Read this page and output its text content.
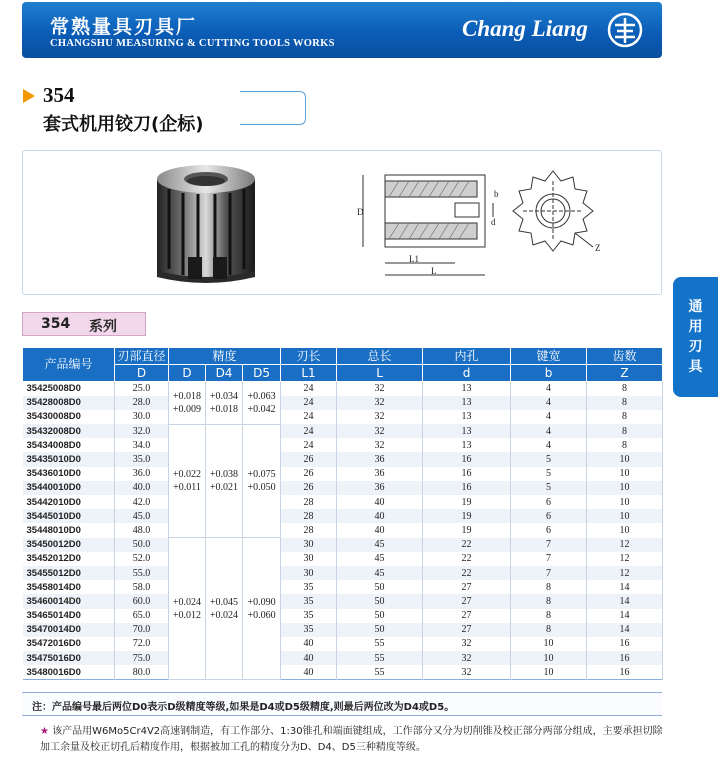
常熟量具刃具厂
CHANGSHU MEASURING & CUTTING TOOLS WORKS
Chang Liang
354
套式机用铰刀(企标)
D
L1
L
b
d
Z
354 系列
通
用
刃
具
产品编号	刃部直径	精度			刃长	总长	内孔	键宽	齿数
	D	D	D4	D5	L1	L	d	b	Z
35425008D0	25.0	+0.018
+0.009	+0.034
+0.018	+0.063
+0.042	24	32	13	4	8
35428008D0	28.0				24	32	13	4	8
35430008D0	30.0				24	32	13	4	8
35432008D0	32.0	+0.022
+0.011	+0.038
+0.021	+0.075
+0.050	24	32	13	4	8
35434008D0	34.0				24	32	13	4	8
35435010D0	35.0				26	36	16	5	10
35436010D0	36.0				26	36	16	5	10
35440010D0	40.0				26	36	16	5	10
35442010D0	42.0				28	40	19	6	10
35445010D0	45.0				28	40	19	6	10
35448010D0	48.0				28	40	19	6	10
35450012D0	50.0	+0.024
+0.012	+0.045
+0.024	+0.090
+0.060	30	45	22	7	12
35452012D0	52.0				30	45	22	7	12
35455012D0	55.0				30	45	22	7	12
35458014D0	58.0				35	50	27	8	14
35460014D0	60.0				35	50	27	8	14
35465014D0	65.0				35	50	27	8	14
35470014D0	70.0				35	50	27	8	14
35472016D0	72.0				40	55	32	10	16
35475016D0	75.0				40	55	32	10	16
35480016D0	80.0				40	55	32	10	16
注：产品编号最后两位D0表示D级精度等级,如果是D4或D5级精度,则最后两位改为D4或D5。
★ 该产品用W6Mo5Cr4V2高速钢制造，有工作部分、1:30锥孔和端面键组成，工作部分又分为切削锥及校正部分两部分组成，主要承担切除加工余量及校正切孔后精度作用，根据被加工孔的精度分为D、D4、D5三种精度等级。
